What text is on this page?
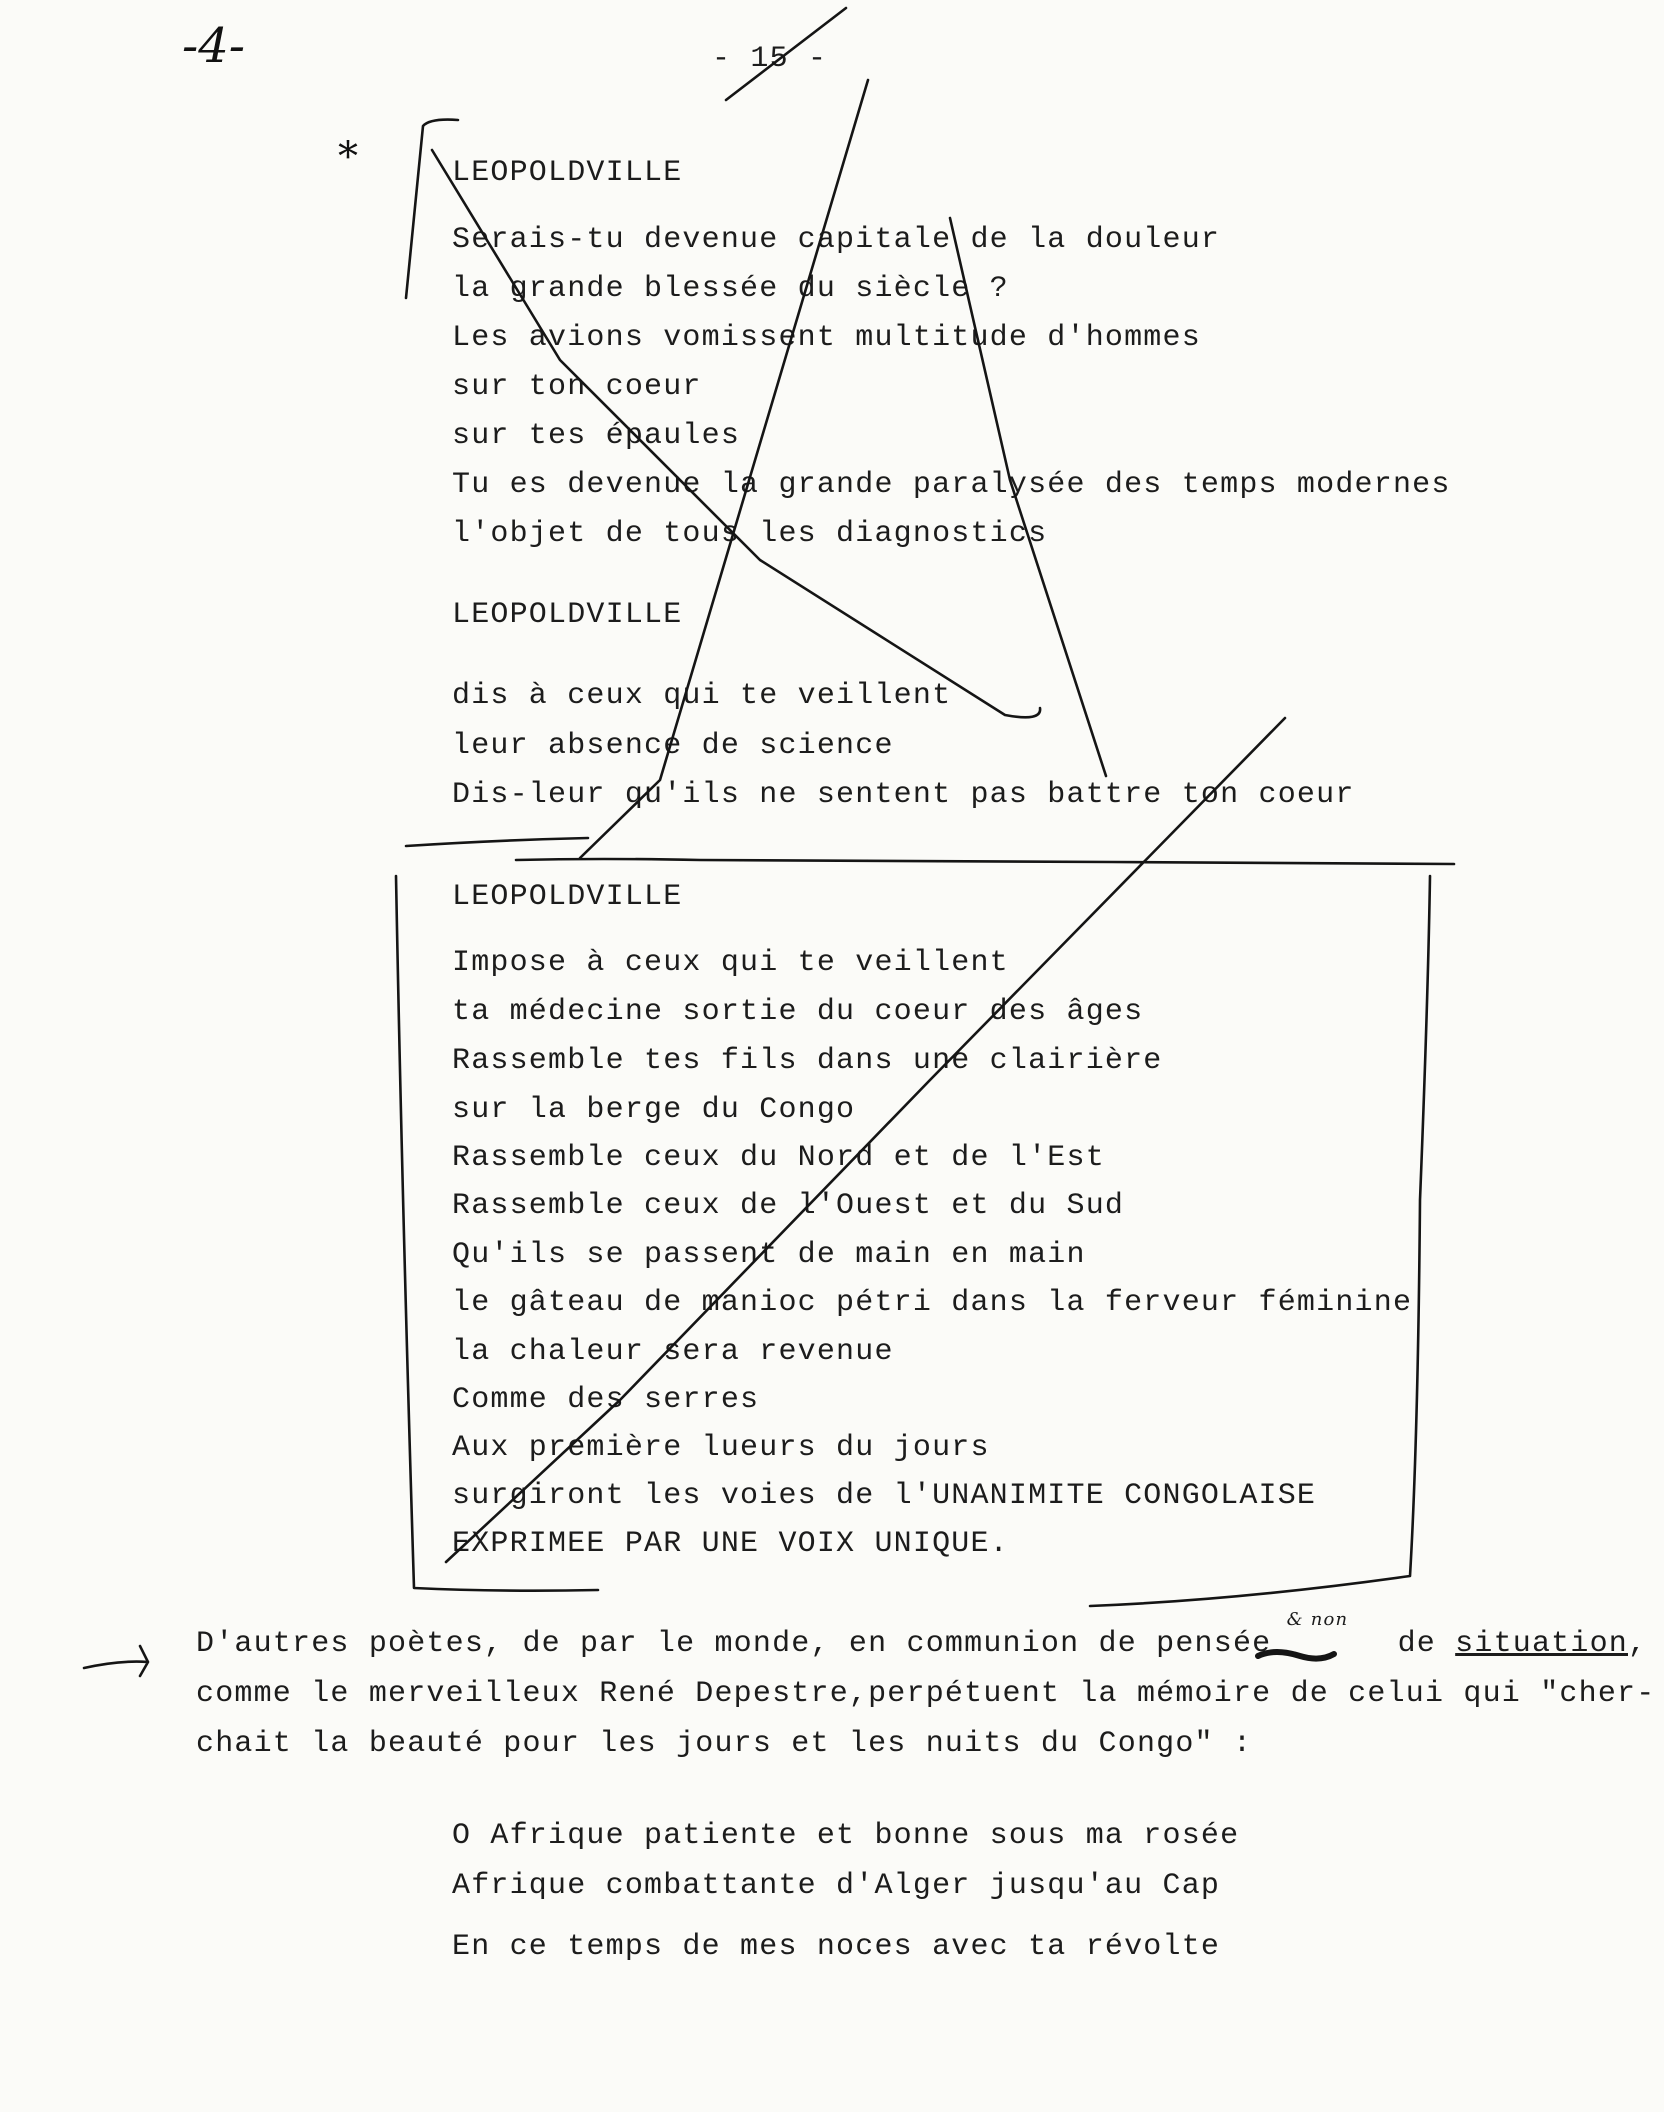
-4-	- 15 -
*	LEOPOLDVILLE
Serais-tu devenue capitale de la douleur
la grande blessée du siècle ?
Les avions vomissent multitude d'hommes
sur ton coeur
sur tes épaules
Tu es devenue la grande paralysée des temps modernes
l'objet de tous les diagnostics
LEOPOLDVILLE
dis à ceux qui te veillent
leur absence de science
Dis-leur qu'ils ne sentent pas battre ton coeur
LEOPOLDVILLE
Impose à ceux qui te veillent
ta médecine sortie du coeur des âges
Rassemble tes fils dans une clairière
sur la berge du Congo
Rassemble ceux du Nord et de l'Est
Rassemble ceux de l'Ouest et du Sud
Qu'ils se passent de main en main
le gâteau de manioc pétri dans la ferveur féminine
la chaleur sera revenue
Comme des serres
Aux première lueurs du jours
surgiront les voies de l'UNANIMITE CONGOLAISE
EXPRIMEE PAR UNE VOIX UNIQUE.
D'autres poètes, de par le monde, en communion de pensée $^{\& non}$ de situation,
comme le merveilleux René Depestre,perpétuent la mémoire de celui qui "cher-
chait la beauté pour les jours et les nuits du Congo" :
O Afrique patiente et bonne sous ma rosée
Afrique combattante d'Alger jusqu'au Cap
En ce temps de mes noces avec ta révolte
